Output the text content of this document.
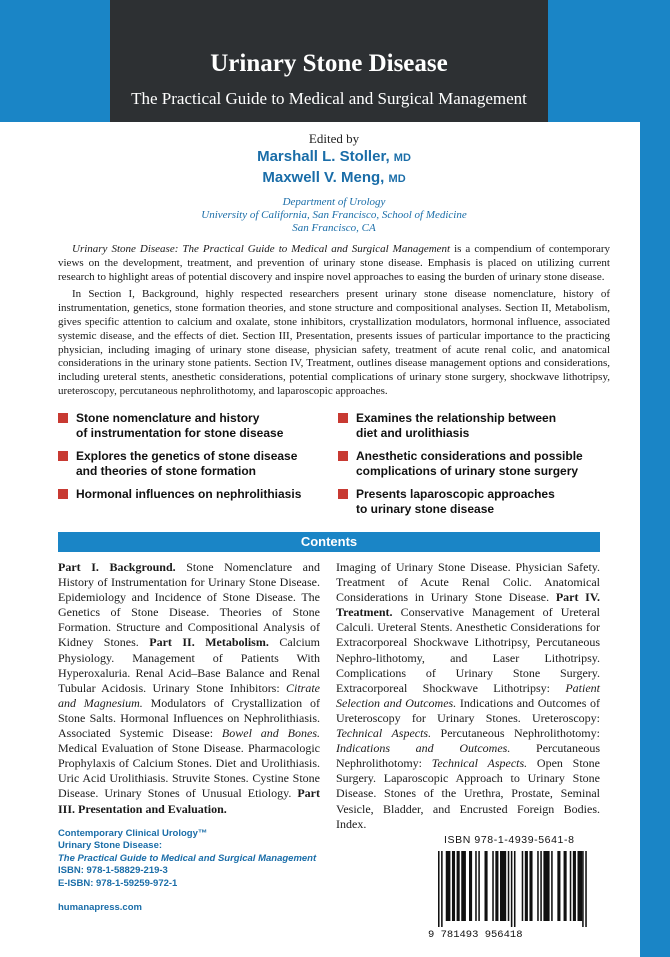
Urinary Stone Disease
The Practical Guide to Medical and Surgical Management
Edited by
Marshall L. Stoller, MD
Maxwell V. Meng, MD
Department of Urology
University of California, San Francisco, School of Medicine
San Francisco, CA

Urinary Stone Disease: The Practical Guide to Medical and Surgical Management is a compendium of contemporary views on the development, treatment, and prevention of urinary stone disease. Emphasis is placed on utilizing current research to highlight areas of potential discovery and inspire novel approaches to easing the burden of urinary stone disease.

In Section I, Background, highly respected researchers present urinary stone disease nomenclature, history of instrumentation, genetics, stone formation theories, and stone structure and compositional analyses. Section II, Metabolism, gives specific attention to calcium and oxalate, stone inhibitors, crystallization modulators, hormonal influence, associated systemic disease, and the effects of diet. Section III, Presentation, presents issues of particular importance to the practicing physician, including imaging of urinary stone disease, physician safety, treatment of acute renal colic, and anatomical considerations in the urinary stone patients. Section IV, Treatment, outlines disease management options and considerations, including ureteral stents, anesthetic considerations, potential complications of urinary stone surgery, shockwave lithotripsy, ureteroscopy, percutaneous nephrolithotomy, and laparoscopic approaches.

Stone nomenclature and history
of instrumentation for stone disease
Examines the relationship between
diet and urolithiasis
Explores the genetics of stone disease
and theories of stone formation
Anesthetic considerations and possible
complications of urinary stone surgery
Hormonal influences on nephrolithiasis	Presents laparoscopic approaches
to urinary stone disease
Contents
Part I. Background. Stone Nomenclature and History of Instrumentation for Urinary Stone Disease. Epidemiology and Incidence of Stone Disease. The Genetics of Stone Disease. Theories of Stone Formation. Structure and Compositional Analysis of Kidney Stones. Part II. Metabolism. Calcium Physiology. Management of Patients With Hyperoxaluria. Renal Acid–Base Balance and Renal Tubular Acidosis. Urinary Stone Inhibitors: Citrate and Magnesium. Modulators of Crystallization of Stone Salts. Hormonal Influences on Nephrolithiasis. Associated Systemic Disease: Bowel and Bones. Medical Evaluation of Stone Disease. Pharmacologic Prophylaxis of Calcium Stones. Diet and Urolithiasis. Uric Acid Urolithiasis. Struvite Stones. Cystine Stone Disease. Urinary Stones of Unusual Etiology. Part III. Presentation and Evaluation.
Imaging of Urinary Stone Disease. Physician Safety. Treatment of Acute Renal Colic. Anatomical Considerations in Urinary Stone Disease. Part IV. Treatment. Conservative Management of Ureteral Calculi. Ureteral Stents. Anesthetic Considerations for Extracorporeal Shockwave Lithotripsy, Percutaneous Nephro-lithotomy, and Laser Lithotripsy. Complications of Urinary Stone Surgery. Extracorporeal Shockwave Lithotripsy: Patient Selection and Outcomes. Indications and Outcomes of Ureteroscopy for Urinary Stones. Ureteroscopy: Technical Aspects. Percutaneous Nephrolithotomy: Indications and Outcomes. Percutaneous Nephrolithotomy: Technical Aspects. Open Stone Surgery. Laparoscopic Approach to Urinary Stone Disease. Stones of the Urethra, Prostate, Seminal Vesicle, Bladder, and Encrusted Foreign Bodies. Index.
Contemporary Clinical Urology™
Urinary Stone Disease:
The Practical Guide to Medical and Surgical Management
ISBN: 978-1-58829-219-3
E-ISBN: 978-1-59259-972-1
humanapress.com
ISBN 978-1-4939-5641-8
9 781493 956418
